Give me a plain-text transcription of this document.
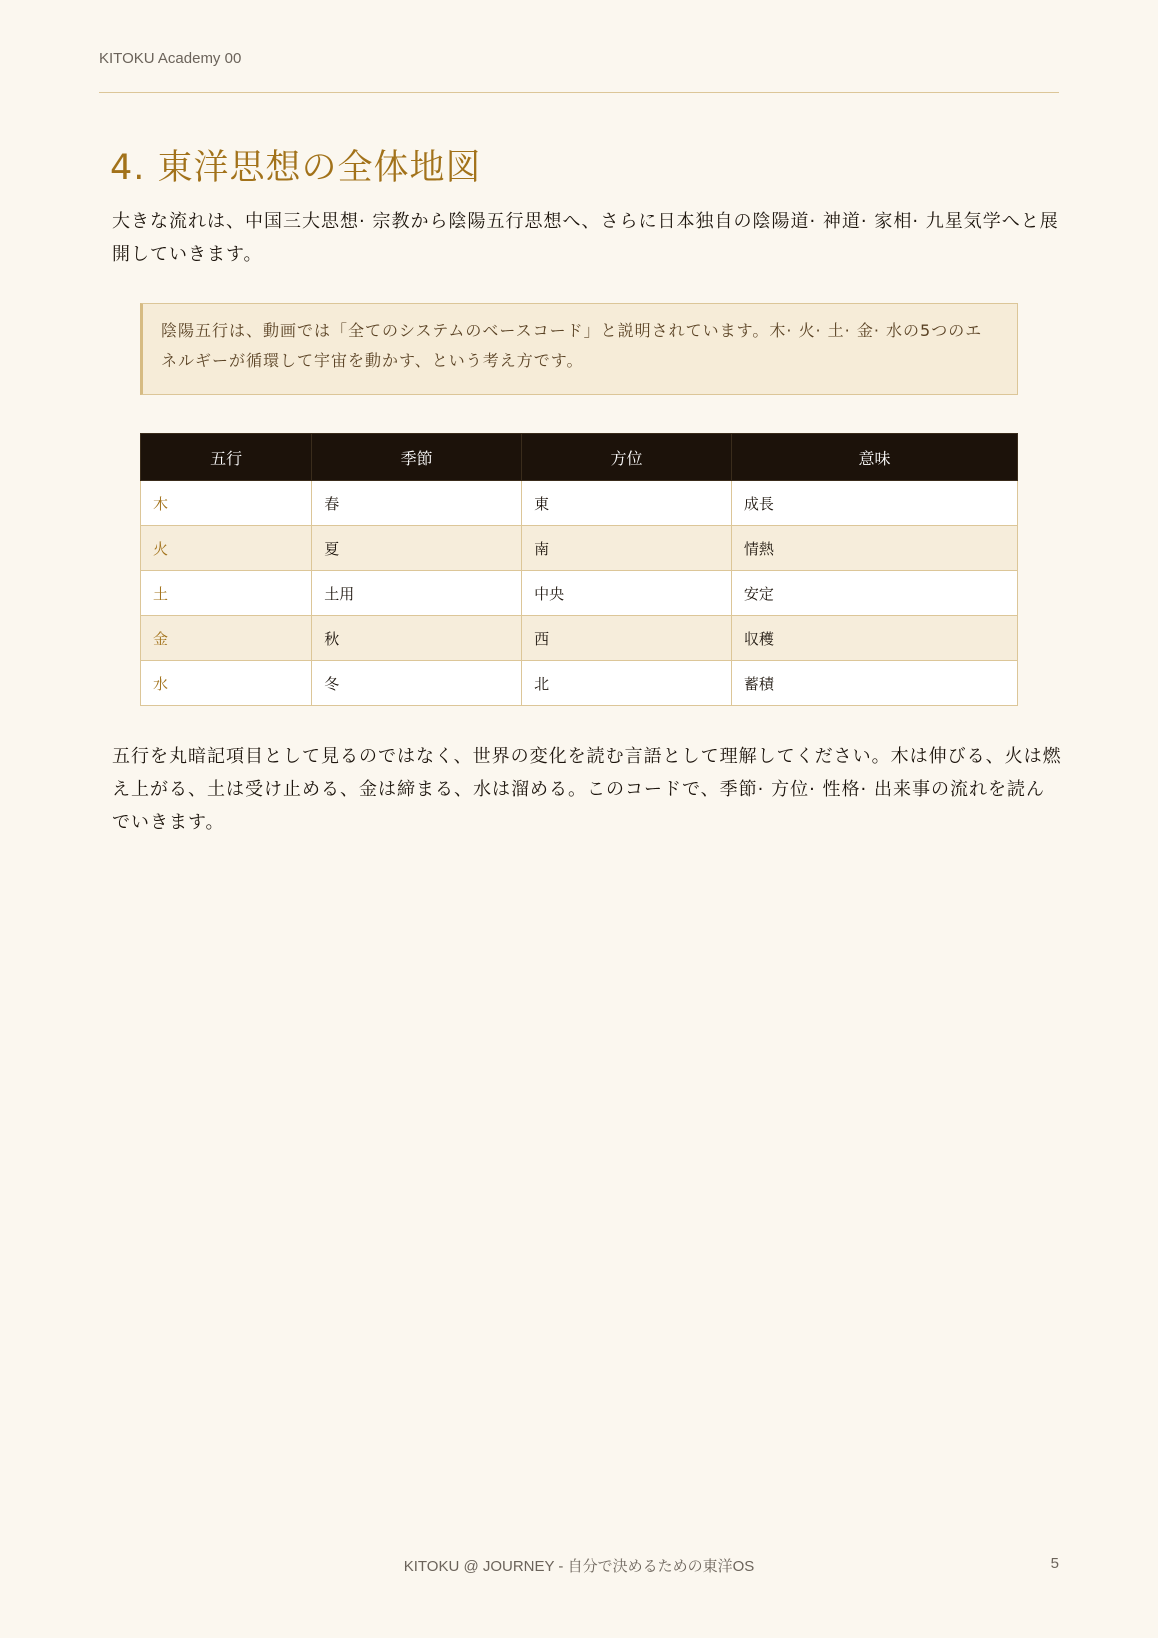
KITOKU Academy 00
4. 東洋思想の全体地図

大きな流れは、中国三大思想· 宗教から陰陽五行思想へ、さらに日本独自の陰陽道· 神道· 家相· 九星気学へと展開していきます。

陰陽五行は、動画では「全てのシステムのベースコード」と説明されています。木· 火· 土· 金· 水の5つのエネルギーが循環して宇宙を動かす、という考え方です。

五行	季節	方位	意味
木	春	東	成長
火	夏	南	情熱
土	土用	中央	安定
金	秋	西	収穫
水	冬	北	蓄積

五行を丸暗記項目として見るのではなく、世界の変化を読む言語として理解してください。木は伸びる、火は燃え上がる、土は受け止める、金は締まる、水は溜める。このコードで、季節· 方位· 性格· 出来事の流れを読んでいきます。

KITOKU @ JOURNEY - 自分で決めるための東洋OS	5
